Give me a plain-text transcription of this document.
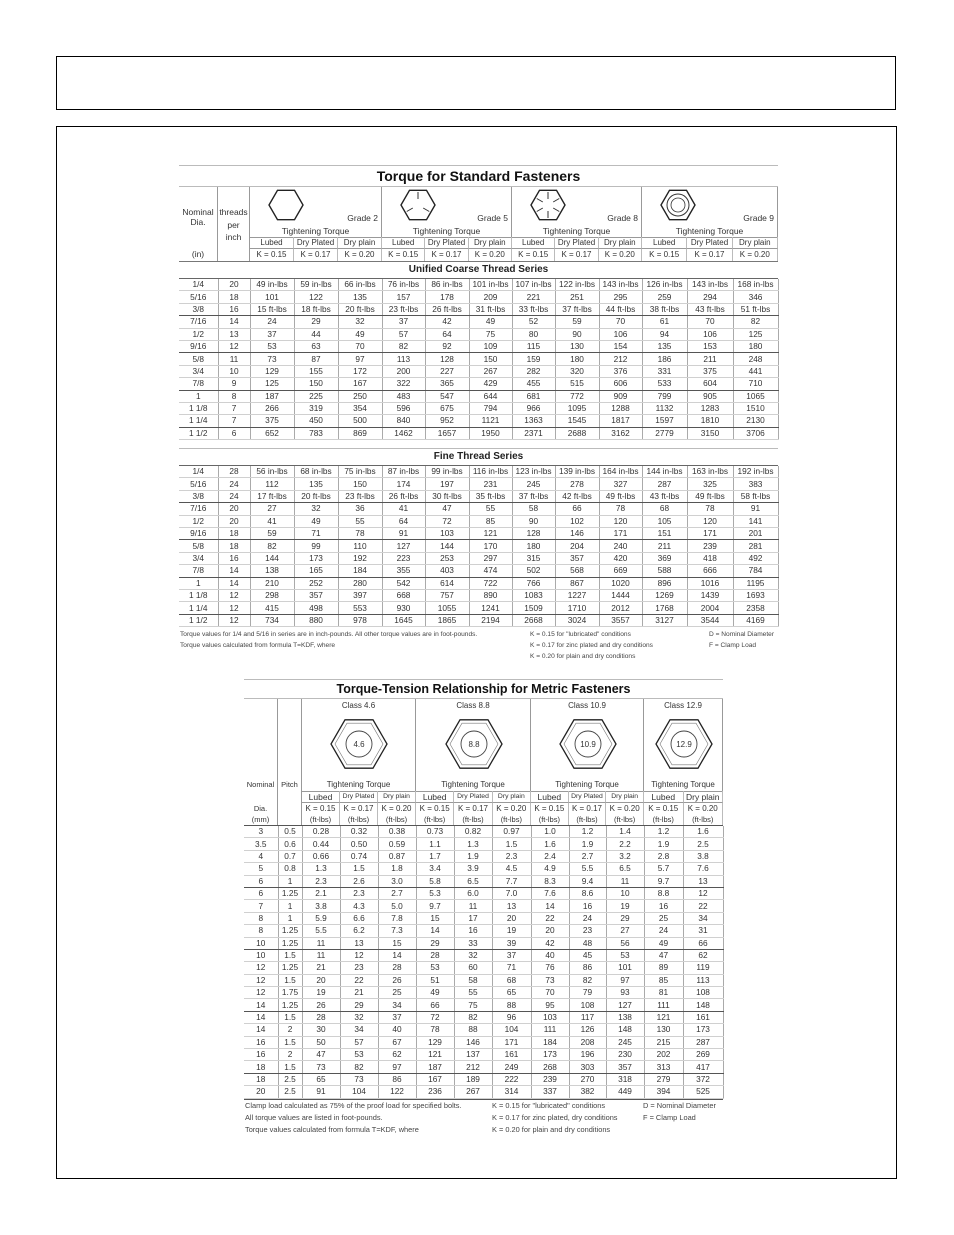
Torque for Standard Fasteners
Nominal
Dia.
(in)
threads
per
inch
Grade 2
Tightening Torque
Lubed
K = 0.15
Dry Plated
K = 0.17
Dry plain
K = 0.20
Grade 5
Tightening Torque
Lubed
K = 0.15
Dry Plated
K = 0.17
Dry plain
K = 0.20
Grade 8
Tightening Torque
Lubed
K = 0.15
Dry Plated
K = 0.17
Dry plain
K = 0.20
Grade 9
Tightening Torque
Lubed
K = 0.15
Dry Plated
K = 0.17
Dry plain
K = 0.20
Unified Coarse Thread Series
1/4	20	49 in-lbs	59 in-lbs	66 in-lbs	76 in-lbs	86 in-lbs	101 in-lbs	107 in-lbs	122 in-lbs	143 in-lbs	126 in-lbs	143 in-lbs	168 in-lbs
5/16	18	101	122	135	157	178	209	221	251	295	259	294	346
3/8	16	15 ft-lbs	18 ft-lbs	20 ft-lbs	23 ft-lbs	26 ft-lbs	31 ft-lbs	33 ft-lbs	37 ft-lbs	44 ft-lbs	38 ft-lbs	43 ft-lbs	51 ft-lbs
7/16	14	24	29	32	37	42	49	52	59	70	61	70	82
1/2	13	37	44	49	57	64	75	80	90	106	94	106	125
9/16	12	53	63	70	82	92	109	115	130	154	135	153	180
5/8	11	73	87	97	113	128	150	159	180	212	186	211	248
3/4	10	129	155	172	200	227	267	282	320	376	331	375	441
7/8	9	125	150	167	322	365	429	455	515	606	533	604	710
1	8	187	225	250	483	547	644	681	772	909	799	905	1065
1 1/8	7	266	319	354	596	675	794	966	1095	1288	1132	1283	1510
1 1/4	7	375	450	500	840	952	1121	1363	1545	1817	1597	1810	2130
1 1/2	6	652	783	869	1462	1657	1950	2371	2688	3162	2779	3150	3706
Fine Thread Series
1/4	28	56 in-lbs	68 in-lbs	75 in-lbs	87 in-lbs	99 in-lbs	116 in-lbs	123 in-lbs	139 in-lbs	164 in-lbs	144 in-lbs	163 in-lbs	192 in-lbs
5/16	24	112	135	150	174	197	231	245	278	327	287	325	383
3/8	24	17 ft-lbs	20 ft-lbs	23 ft-lbs	26 ft-lbs	30 ft-lbs	35 ft-lbs	37 ft-lbs	42 ft-lbs	49 ft-lbs	43 ft-lbs	49 ft-lbs	58 ft-lbs
7/16	20	27	32	36	41	47	55	58	66	78	68	78	91
1/2	20	41	49	55	64	72	85	90	102	120	105	120	141
9/16	18	59	71	78	91	103	121	128	146	171	151	171	201
5/8	18	82	99	110	127	144	170	180	204	240	211	239	281
3/4	16	144	173	192	223	253	297	315	357	420	369	418	492
7/8	14	138	165	184	355	403	474	502	568	669	588	666	784
1	14	210	252	280	542	614	722	766	867	1020	896	1016	1195
1 1/8	12	298	357	397	668	757	890	1083	1227	1444	1269	1439	1693
1 1/4	12	415	498	553	930	1055	1241	1509	1710	2012	1768	2004	2358
1 1/2	12	734	880	978	1645	1865	2194	2668	3024	3557	3127	3544	4169
Torque values for 1/4 and 5/16 in series are in inch-pounds. All other torque values are in foot-pounds.
Torque values calculated from formula T=KDF, where
K = 0.15 for "lubricated" conditions
K = 0.17 for zinc plated and dry conditions
K = 0.20 for plain and dry conditions
D = Nominal Diameter
F = Clamp Load
Torque-Tension Relationship for Metric Fasteners
Nominal
Dia.
(mm)
Pitch
Class 4.6
4.6
Tightening Torque
Lubed
K = 0.15
(ft-lbs)
Dry Plated
K = 0.17
(ft-lbs)
Dry plain
K = 0.20
(ft-lbs)
Class 8.8
8.8
Tightening Torque
Lubed
K = 0.15
(ft-lbs)
Dry Plated
K = 0.17
(ft-lbs)
Dry plain
K = 0.20
(ft-lbs)
Class 10.9
10.9
Tightening Torque
Lubed
K = 0.15
(ft-lbs)
Dry Plated
K = 0.17
(ft-lbs)
Dry plain
K = 0.20
(ft-lbs)
Class 12.9
12.9
Tightening Torque
Lubed
K = 0.15
(ft-lbs)
Dry plain
K = 0.20
(ft-lbs)
3	0.5	0.28	0.32	0.38	0.73	0.82	0.97	1.0	1.2	1.4	1.2	1.6
3.5	0.6	0.44	0.50	0.59	1.1	1.3	1.5	1.6	1.9	2.2	1.9	2.5
4	0.7	0.66	0.74	0.87	1.7	1.9	2.3	2.4	2.7	3.2	2.8	3.8
5	0.8	1.3	1.5	1.8	3.4	3.9	4.5	4.9	5.5	6.5	5.7	7.6
6	1	2.3	2.6	3.0	5.8	6.5	7.7	8.3	9.4	11	9.7	13
6	1.25	2.1	2.3	2.7	5.3	6.0	7.0	7.6	8.6	10	8.8	12
7	1	3.8	4.3	5.0	9.7	11	13	14	16	19	16	22
8	1	5.9	6.6	7.8	15	17	20	22	24	29	25	34
8	1.25	5.5	6.2	7.3	14	16	19	20	23	27	24	31
10	1.25	11	13	15	29	33	39	42	48	56	49	66
10	1.5	11	12	14	28	32	37	40	45	53	47	62
12	1.25	21	23	28	53	60	71	76	86	101	89	119
12	1.5	20	22	26	51	58	68	73	82	97	85	113
12	1.75	19	21	25	49	55	65	70	79	93	81	108
14	1.25	26	29	34	66	75	88	95	108	127	111	148
14	1.5	28	32	37	72	82	96	103	117	138	121	161
14	2	30	34	40	78	88	104	111	126	148	130	173
16	1.5	50	57	67	129	146	171	184	208	245	215	287
16	2	47	53	62	121	137	161	173	196	230	202	269
18	1.5	73	82	97	187	212	249	268	303	357	313	417
18	2.5	65	73	86	167	189	222	239	270	318	279	372
20	2.5	91	104	122	236	267	314	337	382	449	394	525
Clamp load calculated as 75% of the proof load for specified bolts.
All torque values are listed in foot-pounds.
Torque values calculated from formula T=KDF, where
K = 0.15 for "lubricated" conditions
K = 0.17 for zinc plated, dry conditions
K = 0.20 for plain and dry conditions
D = Nominal Diameter
F = Clamp Load
